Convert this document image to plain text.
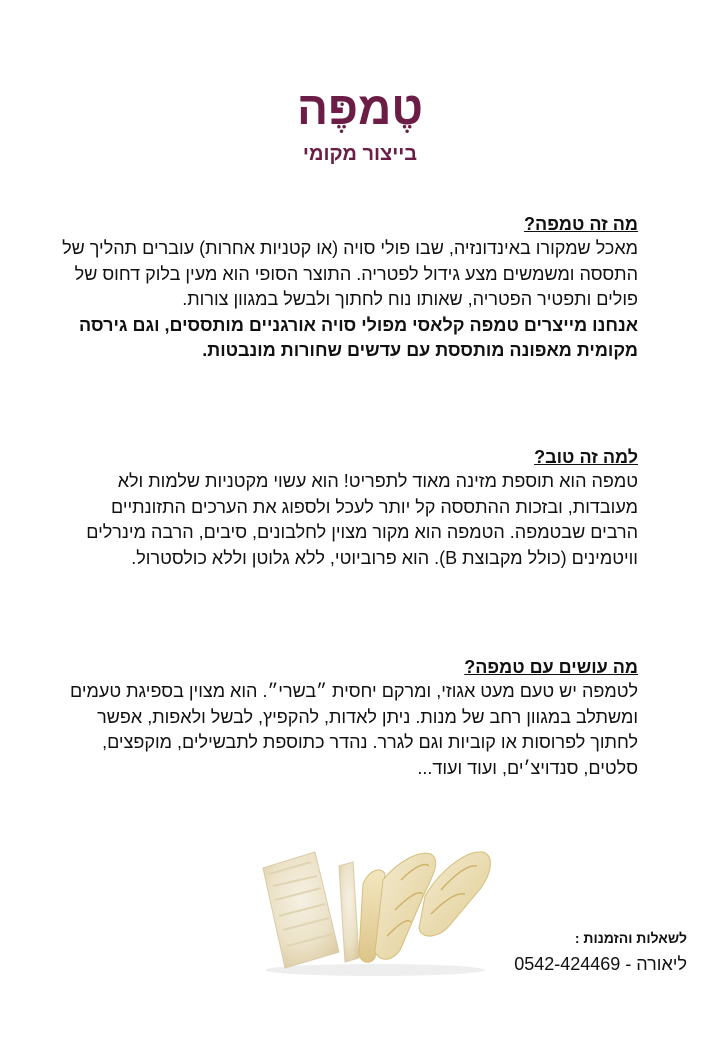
טֶמפֶּה
בייצור מקומי
מה זה טמפה?

מאכל שמקורו באינדונזיה, שבו פולי סויה (או קטניות אחרות) עוברים תהליך של התססה ומשמשים מצע גידול לפטריה. התוצר הסופי הוא מעין בלוק דחוס של פולים ותפטיר הפטריה, שאותו נוח לחתוך ולבשל במגוון צורות.

אנחנו מייצרים טמפה קלאסי מפולי סויה אורגניים מותססים, וגם גירסה מקומית מאפונה מותססת עם עדשים שחורות מונבטות.

למה זה טוב?

טמפה הוא תוספת מזינה מאוד לתפריט! הוא עשוי מקטניות שלמות ולא מעובדות, ובזכות ההתססה קל יותר לעכל ולספוג את הערכים התזונתיים הרבים שבטמפה. הטמפה הוא מקור מצוין לחלבונים, סיבים, הרבה מינרלים וויטמינים (כולל מקבוצת B). הוא פרוביוטי, ללא גלוטן וללא כולסטרול.

מה עושים עם טמפה?

לטמפה יש טעם מעט אגוזי, ומרקם יחסית ״בשרי״. הוא מצוין בספיגת טעמים ומשתלב במגוון רחב של מנות. ניתן לאדות, להקפיץ, לבשל ולאפות, אפשר לחתוך לפרוסות או קוביות וגם לגרר. נהדר כתוספת לתבשילים, מוקפצים, סלטים, סנדויצ׳ים, ועוד ועוד...

לשאלות והזמנות :
ליאורה - 0542-424469
